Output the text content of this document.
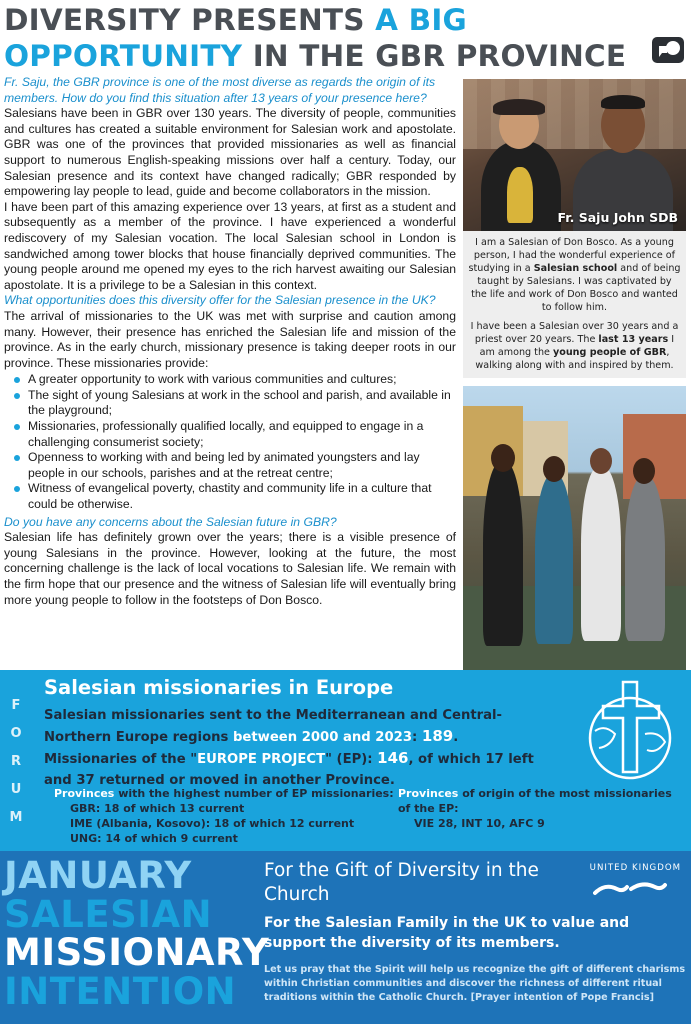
DIVERSITY PRESENTS A BIG
OPPORTUNITY IN THE GBR PROVINCE

Fr. Saju, the GBR province is one of the most diverse as regards the origin of its members. How do you find this situation after 13 years of your presence here?

Salesians have been in GBR over 130 years. The diversity of people, communities and cultures has created a suitable environment for Salesian work and apostolate. GBR was one of the provinces that provided missionaries as well as financial support to numerous English-speaking missions over half a century. Today, our Salesian presence and its context have changed radically; GBR responded by empowering lay people to lead, guide and become collaborators in the mission.

I have been part of this amazing experience over 13 years, at first as a student and subsequently as a member of the province. I have experienced a wonderful rediscovery of my Salesian vocation. The local Salesian school in London is sandwiched among tower blocks that house financially deprived communities. The young people around me opened my eyes to the rich harvest awaiting our Salesian apostolate. It is a privilege to be a Salesian in this context.

What opportunities does this diversity offer for the Salesian presence in the UK?

The arrival of missionaries to the UK was met with surprise and caution among many. However, their presence has enriched the Salesian life and mission of the province. As in the early church, missionary presence is taking deeper roots in our province. These missionaries provide:

A greater opportunity to work with various communities and cultures;
The sight of young Salesians at work in the school and parish, and available in the playground;
Missionaries, professionally qualified locally, and equipped to engage in a challenging consumerist society;
Openness to working with and being led by animated youngsters and lay people in our schools, parishes and at the retreat centre;
Witness of evangelical poverty, chastity and community life in a culture that could be otherwise.

Do you have any concerns about the Salesian future in GBR?

Salesian life has definitely grown over the years; there is a visible presence of young Salesians in the province. However, looking at the future, the most concerning challenge is the lack of local vocations to Salesian life. We remain with the firm hope that our presence and the witness of Salesian life will eventually bring more young people to follow in the footsteps of Don Bosco.

Fr. Saju John SDB

I am a Salesian of Don Bosco. As a young person, I had the wonderful experience of studying in a Salesian school and of being taught by Salesians. I was captivated by the life and work of Don Bosco and wanted to follow him.

I have been a Salesian over 30 years and a priest over 20 years. The last 13 years I am among the young people of GBR, walking along with and inspired by them.

F
O
R
U
M
Salesian missionaries in Europe
Salesian missionaries sent to the Mediterranean and Central-Northern Europe regions between 2000 and 2023: 189.
Missionaries of the "EUROPE PROJECT" (EP): 146, of which 17 left and 37 returned or moved in another Province.
Provinces with the highest number of EP missionaries:
GBR: 18 of which 13 current
IME (Albania, Kosovo): 18 of which 12 current
UNG: 14 of which 9 current
Provinces of origin of the most missionaries of the EP:
VIE 28, INT 10, AFC 9
JANUARY
SALESIAN
MISSIONARY
INTENTION
For the Gift of Diversity in the Church
For the Salesian Family in the UK to value and support the diversity of its members.
Let us pray that the Spirit will help us recognize the gift of different charisms within Christian communities and discover the richness of different ritual traditions within the Catholic Church. [Prayer intention of Pope Francis]
UNITED KINGDOM
